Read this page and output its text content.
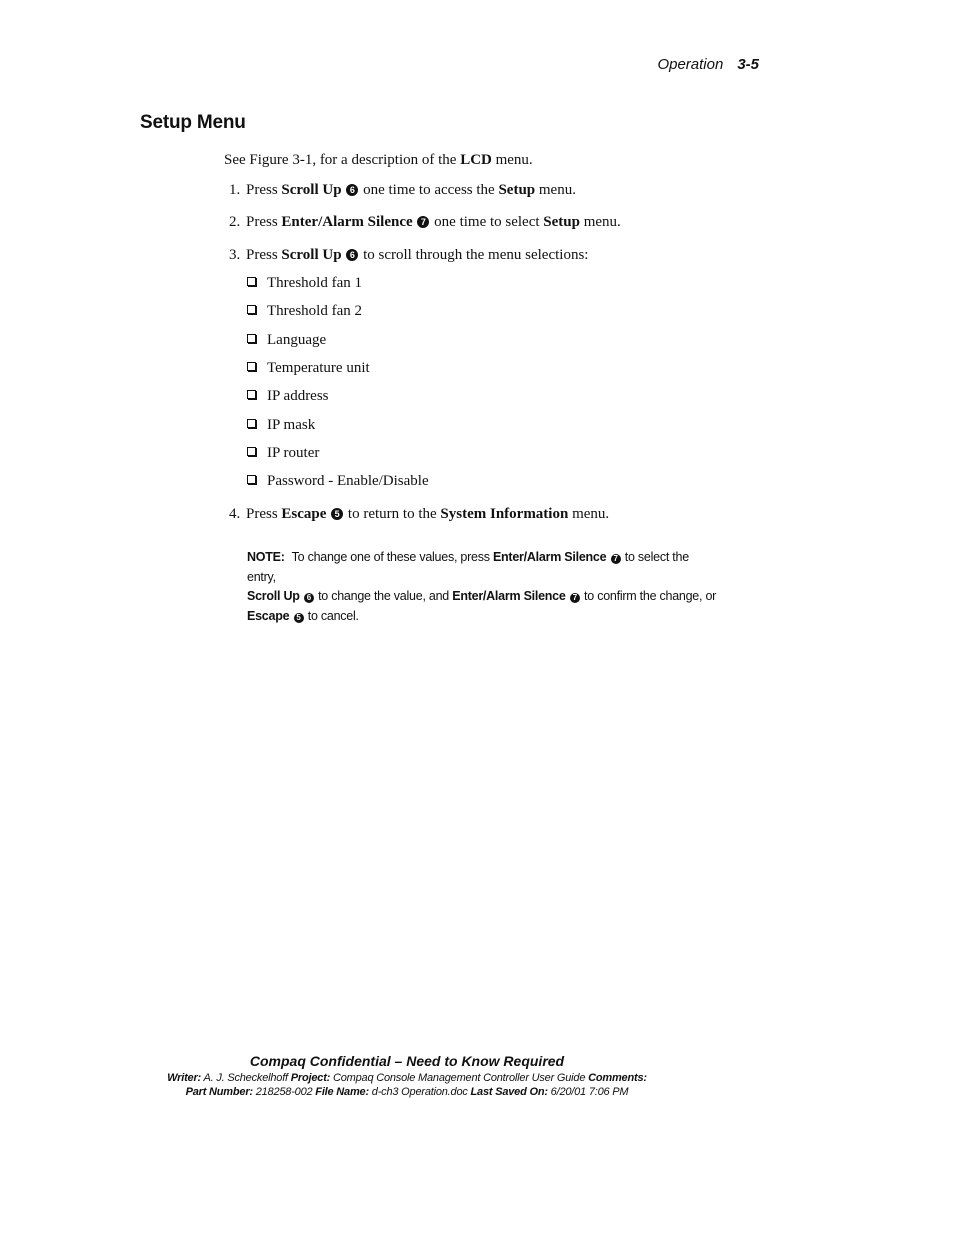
Operation 3-5
Setup Menu
See Figure 3-1, for a description of the LCD menu.
1. Press Scroll Up 6 one time to access the Setup menu.
2. Press Enter/Alarm Silence 7 one time to select Setup menu.
3. Press Scroll Up 6 to scroll through the menu selections:
Threshold fan 1
Threshold fan 2
Language
Temperature unit
IP address
IP mask
IP router
Password - Enable/Disable
4. Press Escape 5 to return to the System Information menu.
NOTE: To change one of these values, press Enter/Alarm Silence 7 to select the entry,
Scroll Up 6 to change the value, and Enter/Alarm Silence 7 to confirm the change, or
Escape 5 to cancel.
Compaq Confidential – Need to Know Required
Writer: A. J. Scheckelhoff Project: Compaq Console Management Controller User Guide Comments:
Part Number: 218258-002 File Name: d-ch3 Operation.doc Last Saved On: 6/20/01 7:06 PM
